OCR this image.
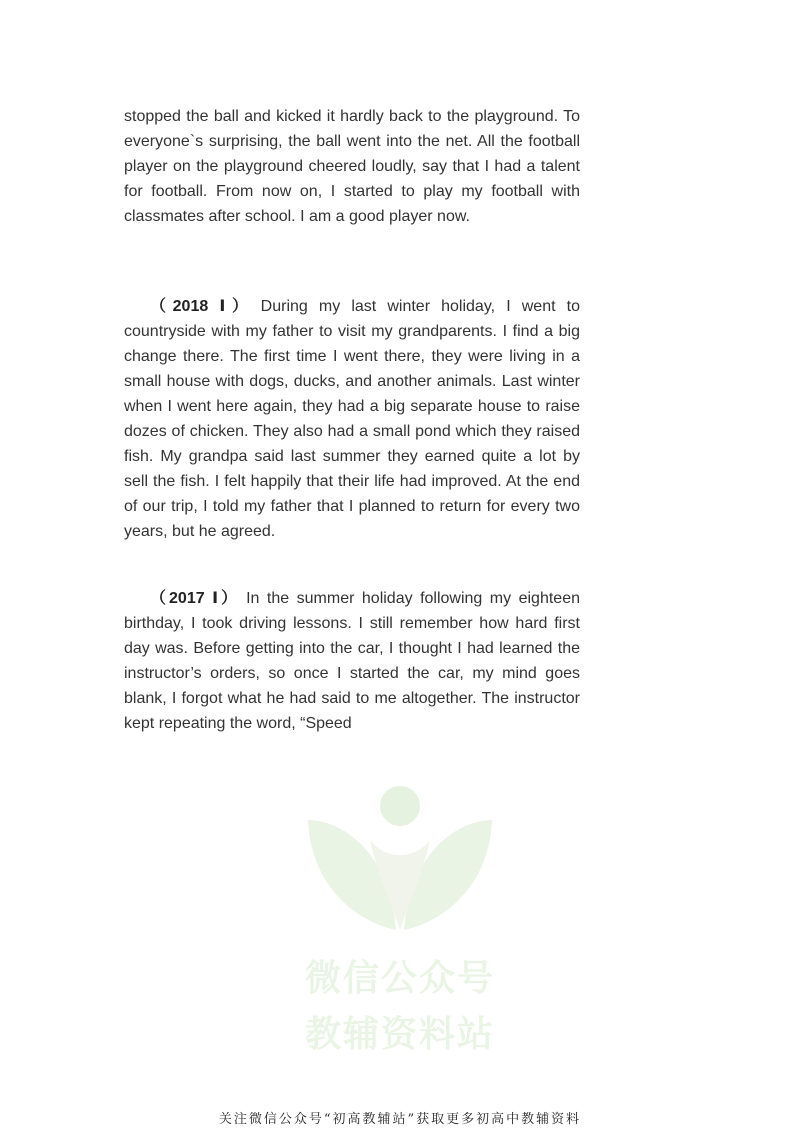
stopped the ball and kicked it hardly back to the playground. To everyone`s surprising, the ball went into the net. All the football player on the playground cheered loudly, say that I had a talent for football. From now on, I started to play my football with classmates after school. I am a good player now.
（2018 Ⅰ） During my last winter holiday, I went to countryside with my father to visit my grandparents. I find a big change there. The first time I went there, they were living in a small house with dogs, ducks, and another animals. Last winter when I went here again, they had a big separate house to raise dozes of chicken. They also had a small pond which they raised fish. My grandpa said last summer they earned quite a lot by sell the fish. I felt happily that their life had improved. At the end of our trip, I told my father that I planned to return for every two years, but he agreed.
（2017 Ⅰ） In the summer holiday following my eighteen birthday, I took driving lessons. I still remember how hard first day was. Before getting into the car, I thought I had learned the instructor’s orders, so once I started the car, my mind goes blank, I forgot what he had said to me altogether. The instructor kept repeating the word, “Speed
微信公众号
教辅资料站
关注微信公众号“初高教辅站”获取更多初高中教辅资料
